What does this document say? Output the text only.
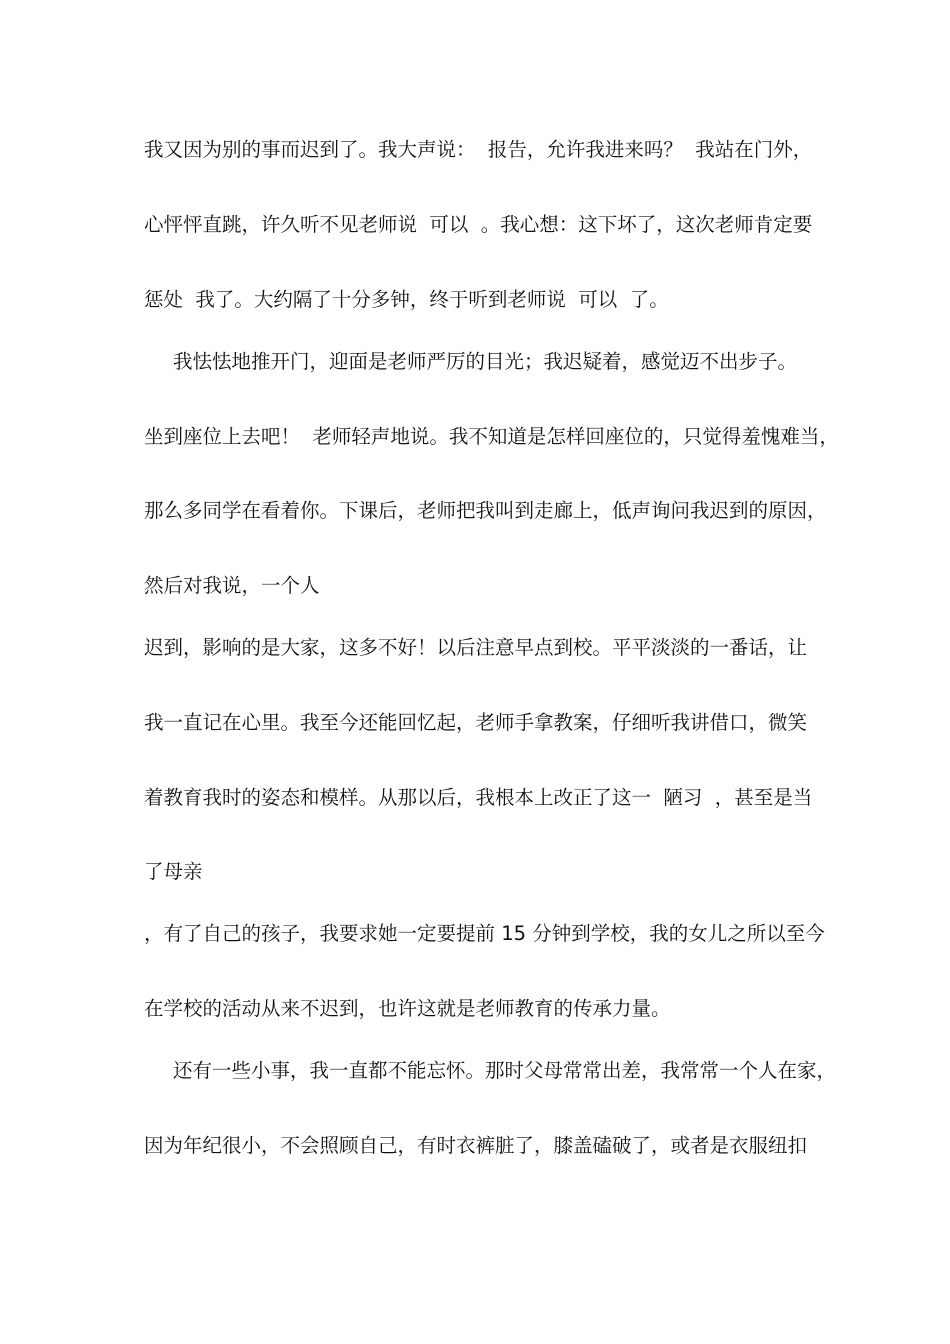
我又因为别的事而迟到了。我大声说：  报告，允许我进来吗？  我站在门外，

心怦怦直跳，许久听不见老师说  可以  。我心想：这下坏了，这次老师肯定要

惩处  我了。大约隔了十分多钟，终于听到老师说  可以  了。

我怯怯地推开门，迎面是老师严厉的目光；我迟疑着，感觉迈不出步子。

坐到座位上去吧！  老师轻声地说。我不知道是怎样回座位的，只觉得羞愧难当，

那么多同学在看着你。下课后，老师把我叫到走廊上，低声询问我迟到的原因，

然后对我说，一个人

迟到，影响的是大家，这多不好！以后注意早点到校。平平淡淡的一番话，让

我一直记在心里。我至今还能回忆起，老师手拿教案，仔细听我讲借口，微笑

着教育我时的姿态和模样。从那以后，我根本上改正了这一  陋习  ，甚至是当

了母亲

，有了自己的孩子，我要求她一定要提前 15 分钟到学校，我的女儿之所以至今

在学校的活动从来不迟到，也许这就是老师教育的传承力量。

还有一些小事，我一直都不能忘怀。那时父母常常出差，我常常一个人在家，

因为年纪很小，不会照顾自己，有时衣裤脏了，膝盖磕破了，或者是衣服纽扣
